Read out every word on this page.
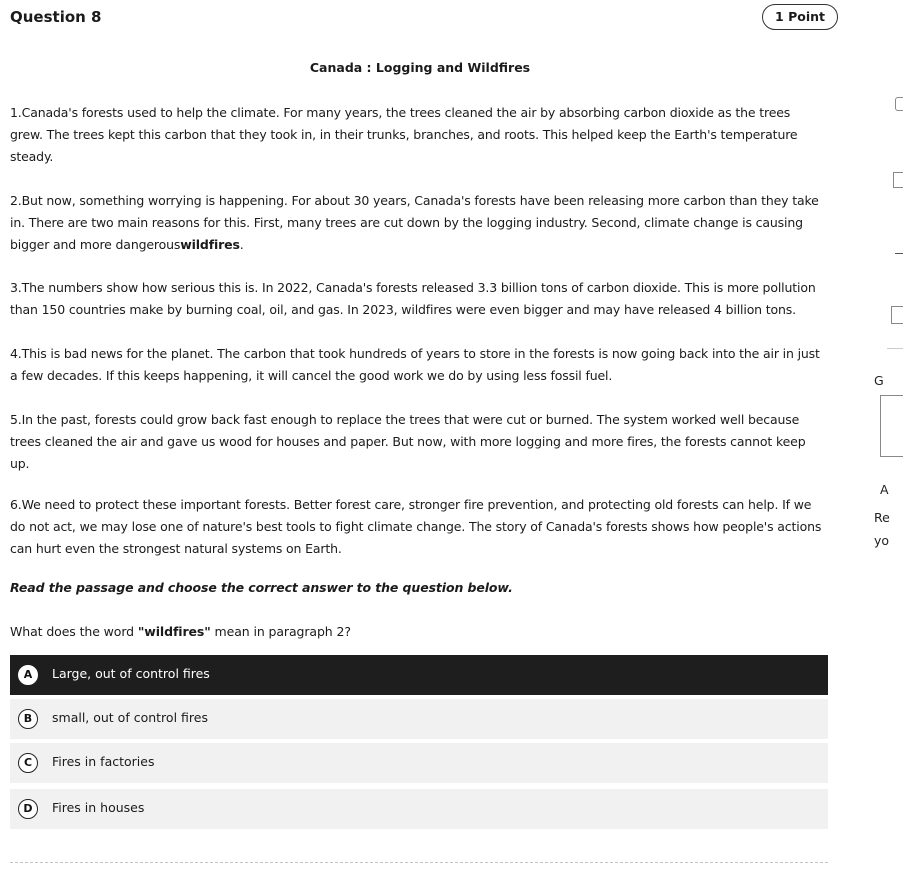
Question 8	1 Point
Canada : Logging and Wildfires

1.Canada's forests used to help the climate. For many years, the trees cleaned the air by absorbing carbon dioxide as the trees grew. The trees kept this carbon that they took in, in their trunks, branches, and roots. This helped keep the Earth's temperature steady.

2.But now, something worrying is happening. For about 30 years, Canada's forests have been releasing more carbon than they take in. There are two main reasons for this. First, many trees are cut down by the logging industry. Second, climate change is causing bigger and more dangerouswildfires.

3.The numbers show how serious this is. In 2022, Canada's forests released 3.3 billion tons of carbon dioxide. This is more pollution than 150 countries make by burning coal, oil, and gas. In 2023, wildfires were even bigger and may have released 4 billion tons.

4.This is bad news for the planet. The carbon that took hundreds of years to store in the forests is now going back into the air in just a few decades. If this keeps happening, it will cancel the good work we do by using less fossil fuel.

5.In the past, forests could grow back fast enough to replace the trees that were cut or burned. The system worked well because trees cleaned the air and gave us wood for houses and paper. But now, with more logging and more fires, the forests cannot keep up.

6.We need to protect these important forests. Better forest care, stronger fire prevention, and protecting old forests can help. If we do not act, we may lose one of nature's best tools to fight climate change. The story of Canada's forests shows how people's actions can hurt even the strongest natural systems on Earth.

Read the passage and choose the correct answer to the question below.
What does the word "wildfires" mean in paragraph 2?
A	Large, out of control fires
B	small, out of control fires
C	Fires in factories
D	Fires in houses
G
A
Re
yo
